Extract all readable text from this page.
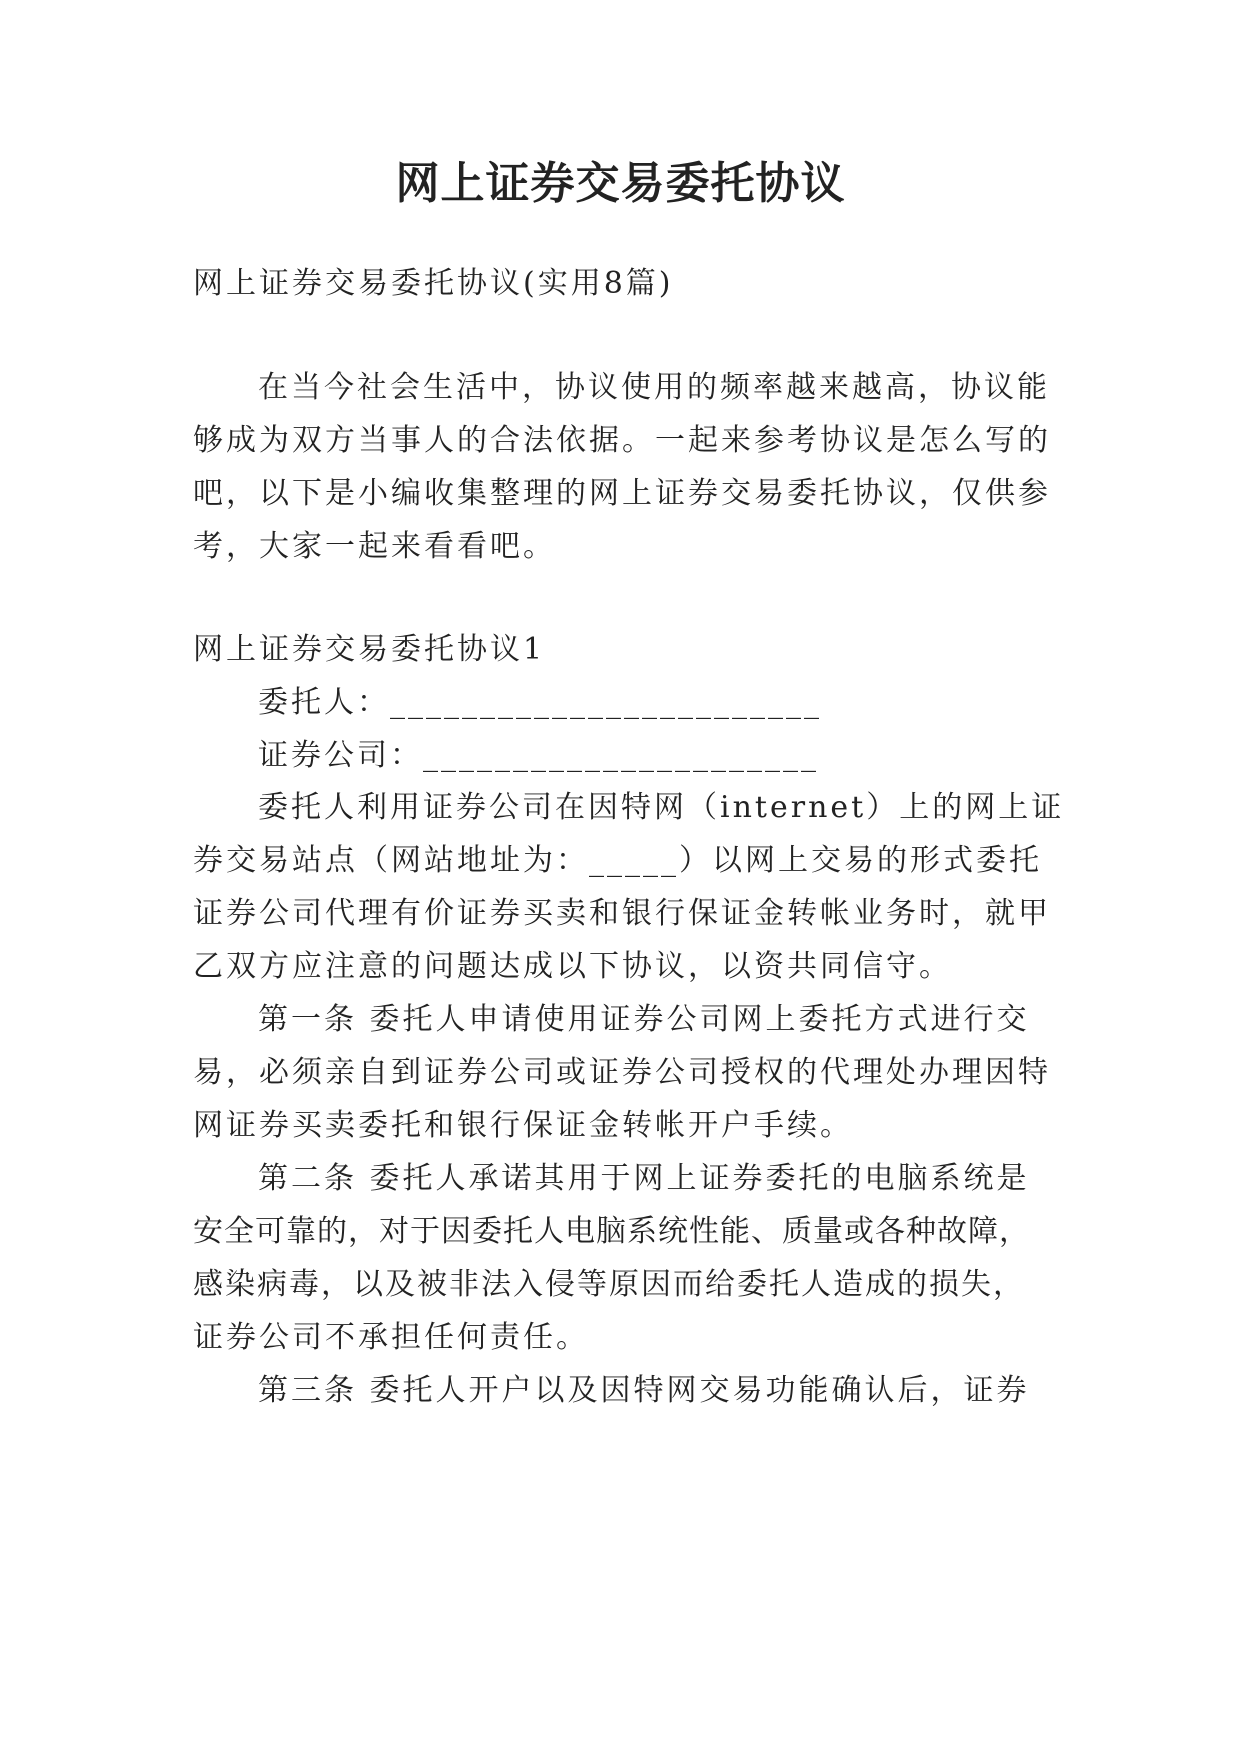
网上证券交易委托协议

网上证券交易委托协议(实用8篇)

在当今社会生活中，协议使用的频率越来越高，协议能

够成为双方当事人的合法依据。一起来参考协议是怎么写的

吧，以下是小编收集整理的网上证券交易委托协议，仅供参

考，大家一起来看看吧。

网上证券交易委托协议1

委托人：________________________

证券公司：______________________

委托人利用证券公司在因特网（internet）上的网上证

券交易站点（网站地址为：_____）以网上交易的形式委托

证券公司代理有价证券买卖和银行保证金转帐业务时，就甲

乙双方应注意的问题达成以下协议，以资共同信守。

第一条 委托人申请使用证券公司网上委托方式进行交

易，必须亲自到证券公司或证券公司授权的代理处办理因特

网证券买卖委托和银行保证金转帐开户手续。

第二条 委托人承诺其用于网上证券委托的电脑系统是

安全可靠的，对于因委托人电脑系统性能、质量或各种故障，

感染病毒，以及被非法入侵等原因而给委托人造成的损失，

证券公司不承担任何责任。

第三条 委托人开户以及因特网交易功能确认后，证券
